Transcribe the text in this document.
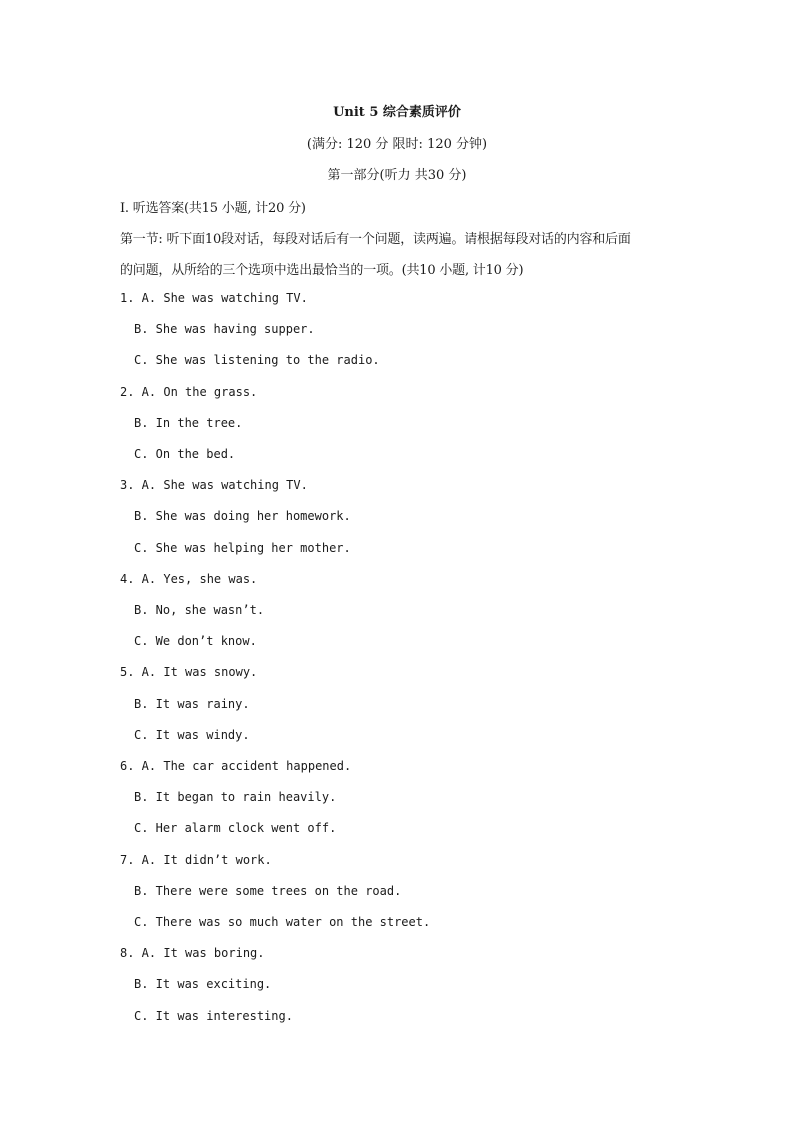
Unit 5 综合素质评价
(满分: 120 分 限时: 120 分钟)
第一部分(听力 共30 分)
I. 听选答案(共15 小题, 计20 分)
第一节: 听下面10段对话，每段对话后有一个问题，读两遍。请根据每段对话的内容和后面
的问题，从所给的三个选项中选出最恰当的一项。(共10 小题, 计10 分)
1. A. She was watching TV.
B. She was having supper.
C. She was listening to the radio.
2. A. On the grass.
B. In the tree.
C. On the bed.
3. A. She was watching TV.
B. She was doing her homework.
C. She was helping her mother.
4. A. Yes, she was.
B. No, she wasn’t.
C. We don’t know.
5. A. It was snowy.
B. It was rainy.
C. It was windy.
6. A. The car accident happened.
B. It began to rain heavily.
C. Her alarm clock went off.
7. A. It didn’t work.
B. There were some trees on the road.
C. There was so much water on the street.
8. A. It was boring.
B. It was exciting.
C. It was interesting.
